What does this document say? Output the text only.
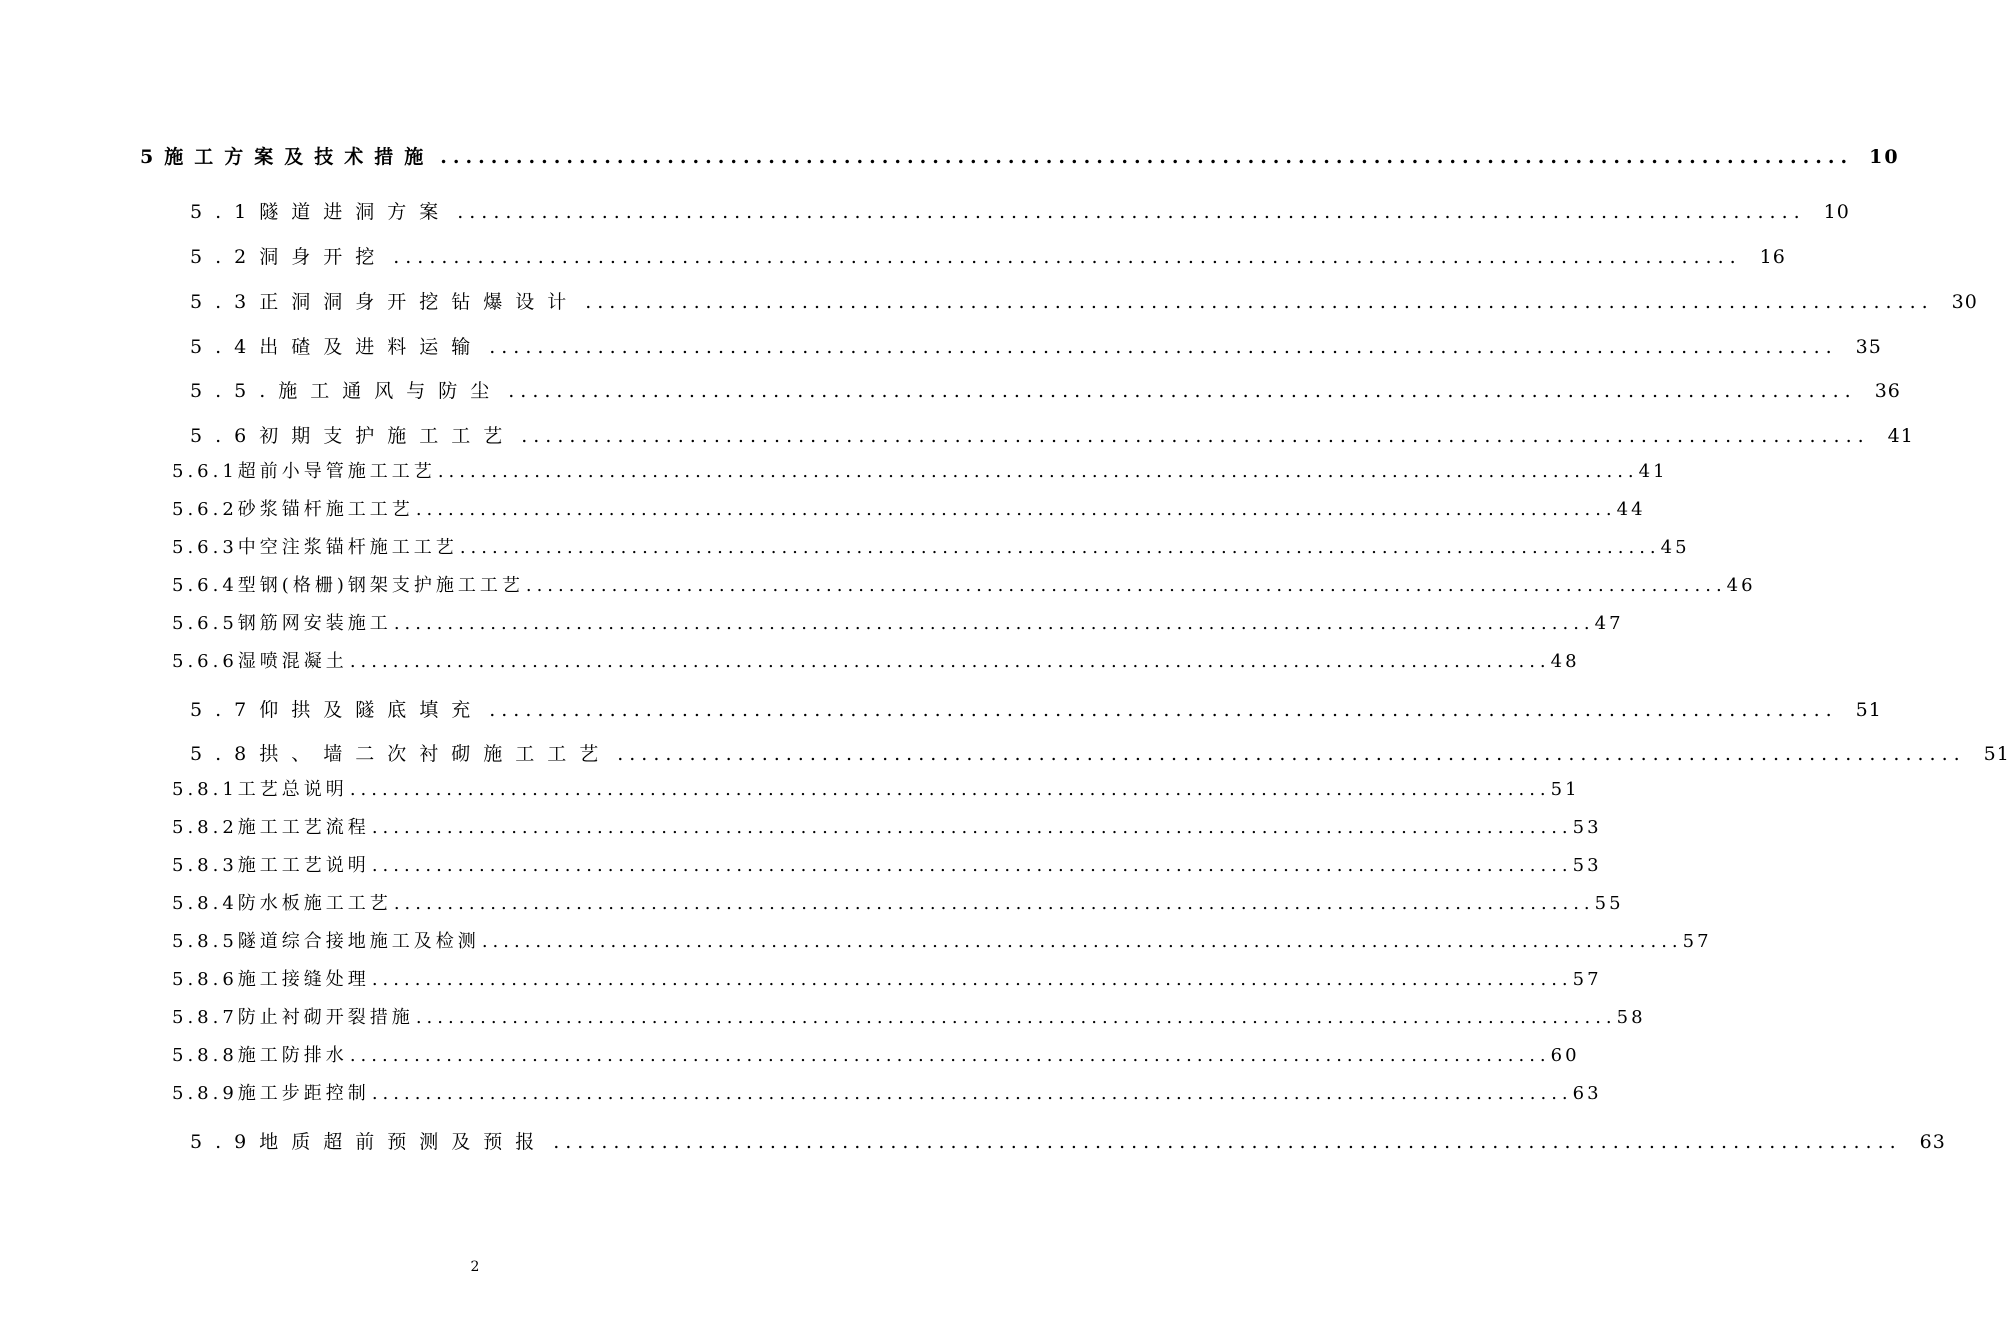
5施工方案及技术措施 ................................................................................................................ 10
5.1隧道进洞方案 ................................................................................................................ 10
5.2洞身开挖 ................................................................................................................ 16
5.3正洞洞身开挖钻爆设计 ................................................................................................................ 30
5.4出碴及进料运输 ................................................................................................................ 35
5.5.施工通风与防尘 ................................................................................................................ 36
5.6初期支护施工工艺 ................................................................................................................ 41
5.6.1超前小导管施工工艺 ................................................................................................................ 41
5.6.2砂浆锚杆施工工艺 ................................................................................................................ 44
5.6.3中空注浆锚杆施工工艺 ................................................................................................................ 45
5.6.4型钢(格栅)钢架支护施工工艺 ................................................................................................................ 46
5.6.5钢筋网安装施工 ................................................................................................................ 47
5.6.6湿喷混凝土 ................................................................................................................ 48
5.7仰拱及隧底填充 ................................................................................................................ 51
5.8拱、墙二次衬砌施工工艺 ................................................................................................................ 51
5.8.1工艺总说明 ................................................................................................................ 51
5.8.2施工工艺流程 ................................................................................................................ 53
5.8.3施工工艺说明 ................................................................................................................ 53
5.8.4防水板施工工艺 ................................................................................................................ 55
5.8.5隧道综合接地施工及检测 ................................................................................................................ 57
5.8.6施工接缝处理 ................................................................................................................ 57
5.8.7防止衬砌开裂措施 ................................................................................................................ 58
5.8.8施工防排水 ................................................................................................................ 60
5.8.9施工步距控制 ................................................................................................................ 63
5.9地质超前预测及预报 ................................................................................................................ 63
2
